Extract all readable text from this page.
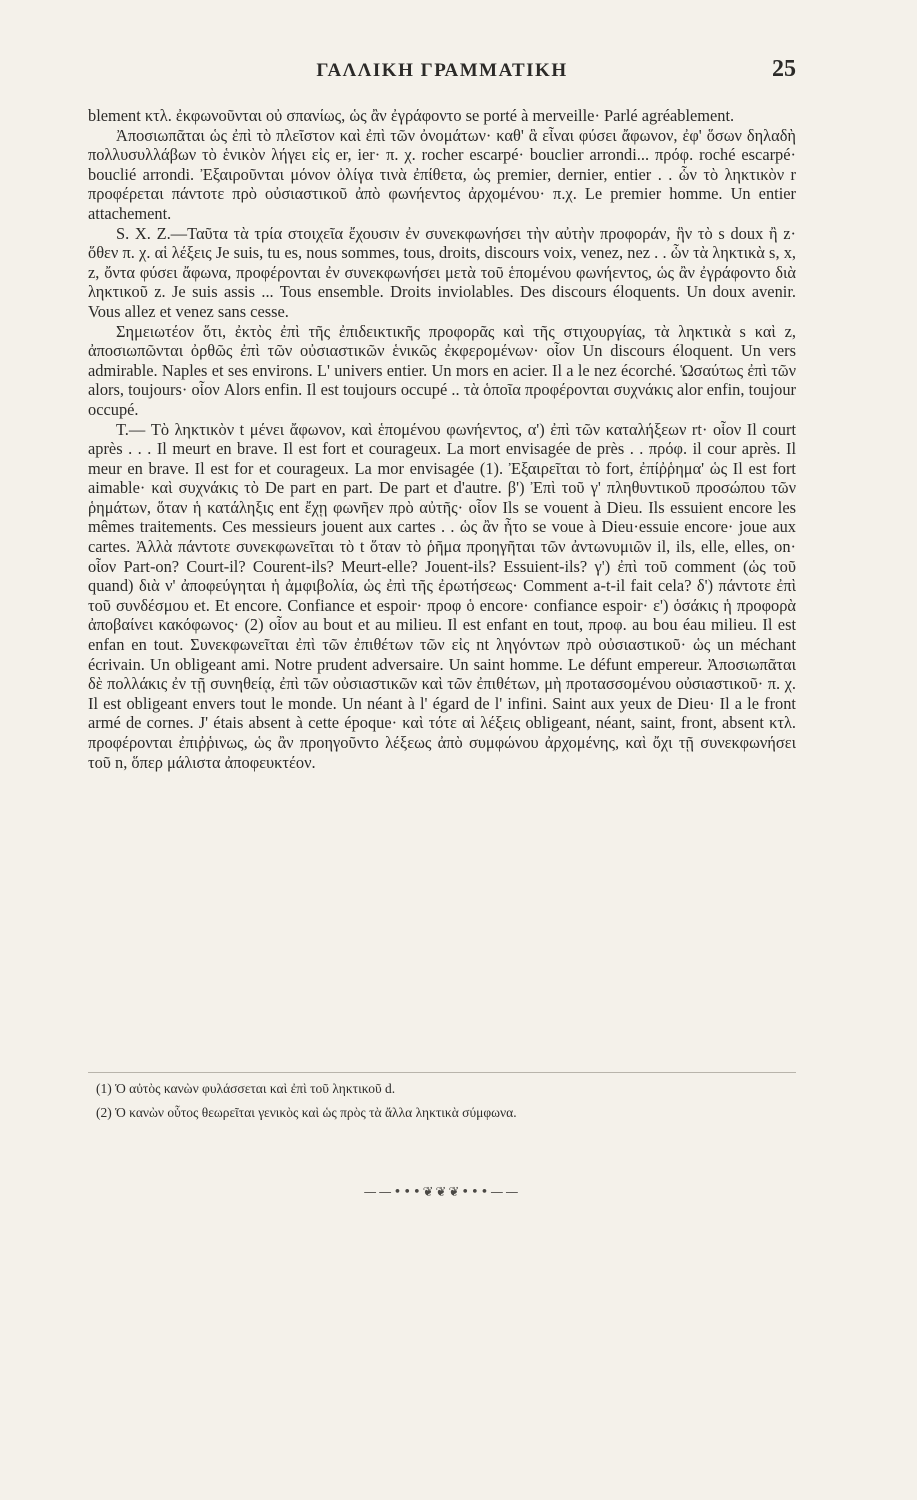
ΓΑΛΛΙΚΗ ΓΡΑΜΜΑΤΙΚΗ	25

blement κτλ. ἐκφωνοῦνται οὐ σπανίως, ὡς ἂν ἐγράφοντο se porté à merveille· Parlé agréablement.

Ἀποσιωπᾶται ὡς ἐπὶ τὸ πλεῖστον καὶ ἐπὶ τῶν ὀνομάτων· καθ' ἃ εἶναι φύσει ἄφωνον, ἐφ' ὅσων δηλαδὴ πολλυσυλλάβων τὸ ἑνικὸν λήγει εἰς er, ier· π. χ. rocher escarpé· bouclier arrondi... πρόφ. roché escarpé· bouclié arrondi. Ἐξαιροῦνται μόνον ὀλίγα τινὰ ἐπίθετα, ὡς premier, dernier, entier . . ὧν τὸ ληκτικὸν r προφέρεται πάντοτε πρὸ οὐσιαστικοῦ ἀπὸ φωνήεντος ἀρχομένου· π.χ. Le premier homme. Un entier attachement.

S. X. Z.—Ταῦτα τὰ τρία στοιχεῖα ἔχουσιν ἐν συνεκφωνήσει τὴν αὐτὴν προφοράν, ἣν τὸ s doux ἢ z· ὅθεν π. χ. αἱ λέξεις Je suis, tu es, nous sommes, tous, droits, discours voix, venez, nez . . ὧν τὰ ληκτικὰ s, x, z, ὄντα φύσει ἄφωνα, προφέρονται ἐν συνεκφωνήσει μετὰ τοῦ ἑπομένου φωνήεντος, ὡς ἂν ἐγράφοντο διὰ ληκτικοῦ z. Je suis assis ... Tous ensemble. Droits inviolables. Des discours éloquents. Un doux avenir. Vous allez et venez sans cesse.

Σημειωτέον ὅτι, ἐκτὸς ἐπὶ τῆς ἐπιδεικτικῆς προφορᾶς καὶ τῆς στιχουργίας, τὰ ληκτικὰ s καὶ z, ἀποσιωπῶνται ὀρθῶς ἐπὶ τῶν οὐσιαστικῶν ἑνικῶς ἐκφερομένων· οἷον Un discours éloquent. Un vers admirable. Naples et ses environs. L' univers entier. Un mors en acier. Il a le nez écorché. Ὡσαύτως ἐπὶ τῶν alors, toujours· οἷον Alors enfin. Il est toujours occupé .. τὰ ὁποῖα προφέρονται συχνάκις alor enfin, toujour occupé.

T.— Τὸ ληκτικὸν t μένει ἄφωνον, καὶ ἑπομένου φωνήεντος, α') ἐπὶ τῶν καταλήξεων rt· οἷον Il court après . . . Il meurt en brave. Il est fort et courageux. La mort envisagée de près . . πρόφ. il cour après. Il meur en brave. Il est for et courageux. La mor envisagée (1). Ἐξαιρεῖται τὸ fort, ἐπίῤῥημα' ὡς Il est fort aimable· καὶ συχνάκις τὸ De part en part. De part et d'autre. β') Ἐπὶ τοῦ γ' πληθυντικοῦ προσώπου τῶν ῥημάτων, ὅταν ἡ κατάληξις ent ἔχῃ φωνῆεν πρὸ αὐτῆς· οἷον Ils se vouent à Dieu. Ils essuient encore les mêmes traitements. Ces messieurs jouent aux cartes . . ὡς ἂν ἦτο se voue à Dieu·essuie encore· joue aux cartes. Ἀλλὰ πάντοτε συνεκφωνεῖται τὸ t ὅταν τὸ ῥῆμα προηγῆται τῶν ἀντωνυμιῶν il, ils, elle, elles, on· οἷον Part-on? Court-il? Courent-ils? Meurt-elle? Jouent-ils? Essuient-ils? γ') ἐπὶ τοῦ comment (ὡς τοῦ quand) διὰ ν' ἀποφεύγηται ἡ ἀμφιβολία, ὡς ἐπὶ τῆς ἐρωτήσεως· Comment a-t-il fait cela? δ') πάντοτε ἐπὶ τοῦ συνδέσμου et. Et encore. Confiance et espoir· προφ ὁ encore· confiance espoir· ε') ὁσάκις ἡ προφορὰ ἀποβαίνει κακόφωνος· (2) οἷον au bout et au milieu. Il est enfant en tout, προφ. au bou éau milieu. Il est enfan en tout. Συνεκφωνεῖται ἐπὶ τῶν ἐπιθέτων τῶν εἰς nt ληγόντων πρὸ οὐσιαστικοῦ· ὡς un méchant écrivain. Un obligeant ami. Notre prudent adversaire. Un saint homme. Le défunt empereur. Ἀποσιωπᾶται δὲ πολλάκις ἐν τῇ συνηθείᾳ, ἐπὶ τῶν οὐσιαστικῶν καὶ τῶν ἐπιθέτων, μὴ προτασσομένου οὐσιαστικοῦ· π. χ. Il est obligeant envers tout le monde. Un néant à l' égard de l' infini. Saint aux yeux de Dieu· Il a le front armé de cornes. J' étais absent à cette époque· καὶ τότε αἱ λέξεις obligeant, néant, saint, front, absent κτλ. προφέρονται ἐπιῤῥινως, ὡς ἂν προηγοῦντο λέξεως ἀπὸ συμφώνου ἀρχομένης, καὶ ὄχι τῇ συνεκφωνήσει τοῦ n, ὅπερ μάλιστα ἀποφευκτέον.

(1) Ὁ αὐτὸς κανὼν φυλάσσεται καὶ ἐπὶ τοῦ ληκτικοῦ d.

(2) Ὁ κανὼν οὗτος θεωρεῖται γενικὸς καὶ ὡς πρὸς τὰ ἄλλα ληκτικὰ σύμφωνα.

——•••❦❦❦•••——
